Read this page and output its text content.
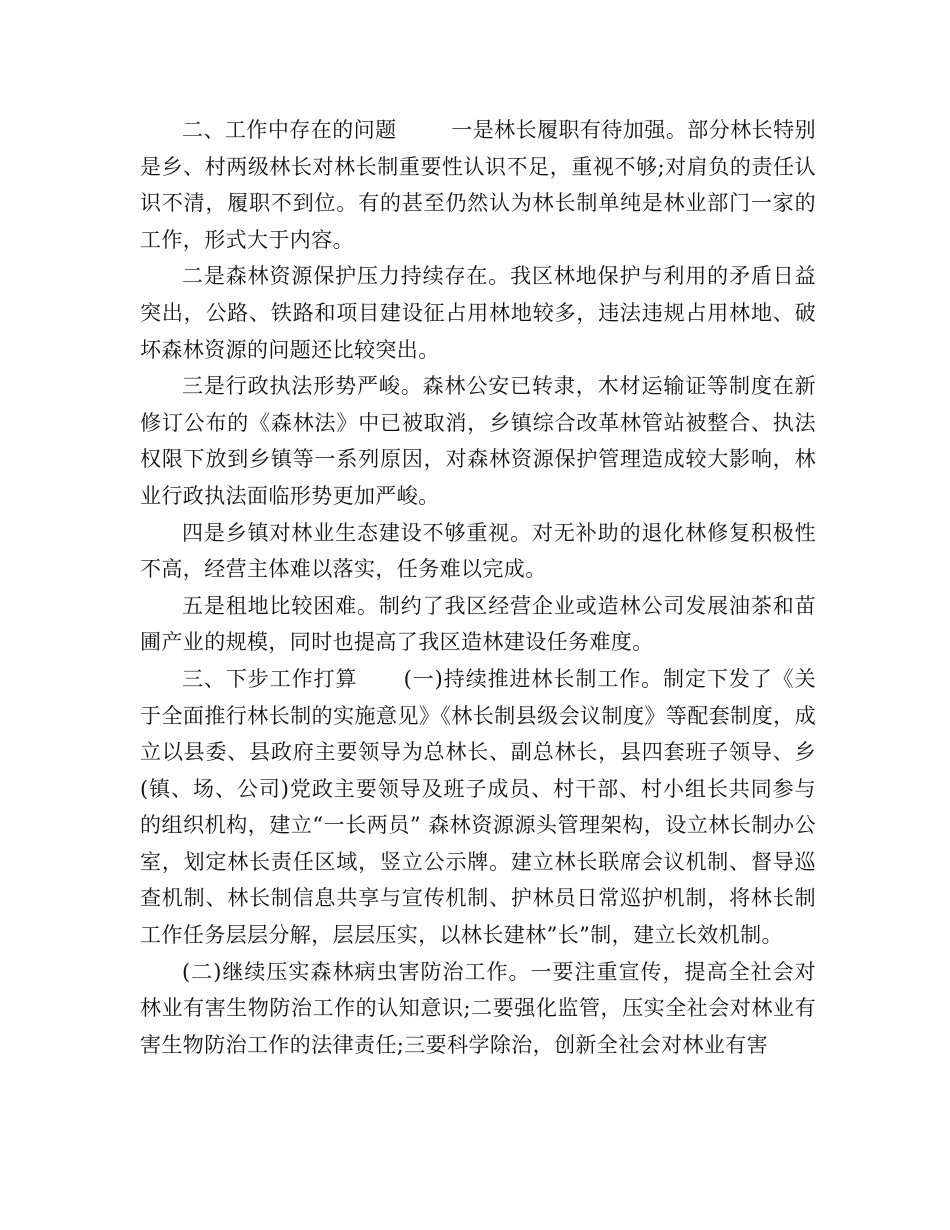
二、工作中存在的问题	一是林长履职有待加强。部分林长特别是乡、村两级林长对林长制重要性认识不足，重视不够;对肩负的责任认识不清，履职不到位。有的甚至仍然认为林长制单纯是林业部门一家的工作，形式大于内容。

二是森林资源保护压力持续存在。我区林地保护与利用的矛盾日益突出，公路、铁路和项目建设征占用林地较多，违法违规占用林地、破坏森林资源的问题还比较突出。

三是行政执法形势严峻。森林公安已转隶，木材运输证等制度在新修订公布的《森林法》中已被取消，乡镇综合改革林管站被整合、执法权限下放到乡镇等一系列原因，对森林资源保护管理造成较大影响，林业行政执法面临形势更加严峻。

四是乡镇对林业生态建设不够重视。对无补助的退化林修复积极性不高，经营主体难以落实，任务难以完成。

五是租地比较困难。制约了我区经营企业或造林公司发展油茶和苗圃产业的规模，同时也提高了我区造林建设任务难度。

三、下步工作打算 (一)持续推进林长制工作。制定下发了《关于全面推行林长制的实施意见》《林长制县级会议制度》等配套制度，成立以县委、县政府主要领导为总林长、副总林长，县四套班子领导、乡(镇、场、公司)党政主要领导及班子成员、村干部、村小组长共同参与的组织机构，建立“一长两员” 森林资源源头管理架构，设立林长制办公室，划定林长责任区域，竖立公示牌。建立林长联席会议机制、督导巡查机制、林长制信息共享与宣传机制、护林员日常巡护机制，将林长制工作任务层层分解，层层压实，以林长建林”长”制，建立长效机制。

(二)继续压实森林病虫害防治工作。一要注重宣传，提高全社会对林业有害生物防治工作的认知意识;二要强化监管，压实全社会对林业有害生物防治工作的法律责任;三要科学除治，创新全社会对林业有害
